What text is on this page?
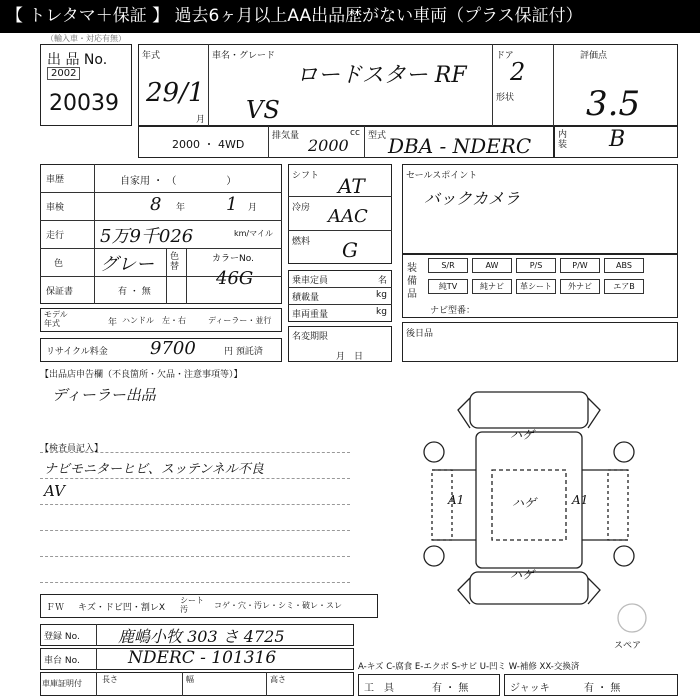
【 トレタマ＋保証 】 過去6ヶ月以上AA出品歴がない車両（プラス保証付）
（輸入車・対応有無）
出 品 No.
2002
20039
年式
29/1
月
車名・グレード
ロードスター RF
VS
ドア
2
形状
評価点
3.5
内装 B
2000 ・ 4WD
排気量	cc
2000 型式 DBA - NDERC
車歴	自家用 ・ （　　　　　）
車検	8 年 1 月
走行 5万9千026	km/マイル
色 グレー 色替
カラーNo.
46G
保証書	有 ・ 無
モデル年式	年 ハンドル　左・右	ディーラー・並行
リサイクル料金 9700	円 預託済
シフト AT
冷房 AAC
燃料 G
乗車定員	名
積載量	kg
車両重量	kg
名変期限
月　日
セールスポイント
バックカメラ
装備品
S/R	AW	P/S	P/W	ABS
純TV	純ナビ	革シート	外ナビ	エアB
ナビ型番：
後日品
【出品店申告欄（不良箇所・欠品・注意事項等）】
ディーラー出品
【検査員記入】
ナビモニターヒビ、スッテンネル不良
AV
ハゲ
ハゲ
A1	A1
ハゲ
スペア
ＦＷ キズ・ドビ凹・割レX
シート汚	コゲ・穴・汚レ・シミ・破レ・スレ
登録 No. 鹿嶋小牧 303 さ 4725
車台 No.	NDERC - 101316
車庫証明付	長さ	幅	高さ
A-キズ C-腐食 E-エクボ S-サビ U-凹ミ W-補修 XX-交換済
工　具	有 ・ 無	ジャッキ	有 ・ 無
